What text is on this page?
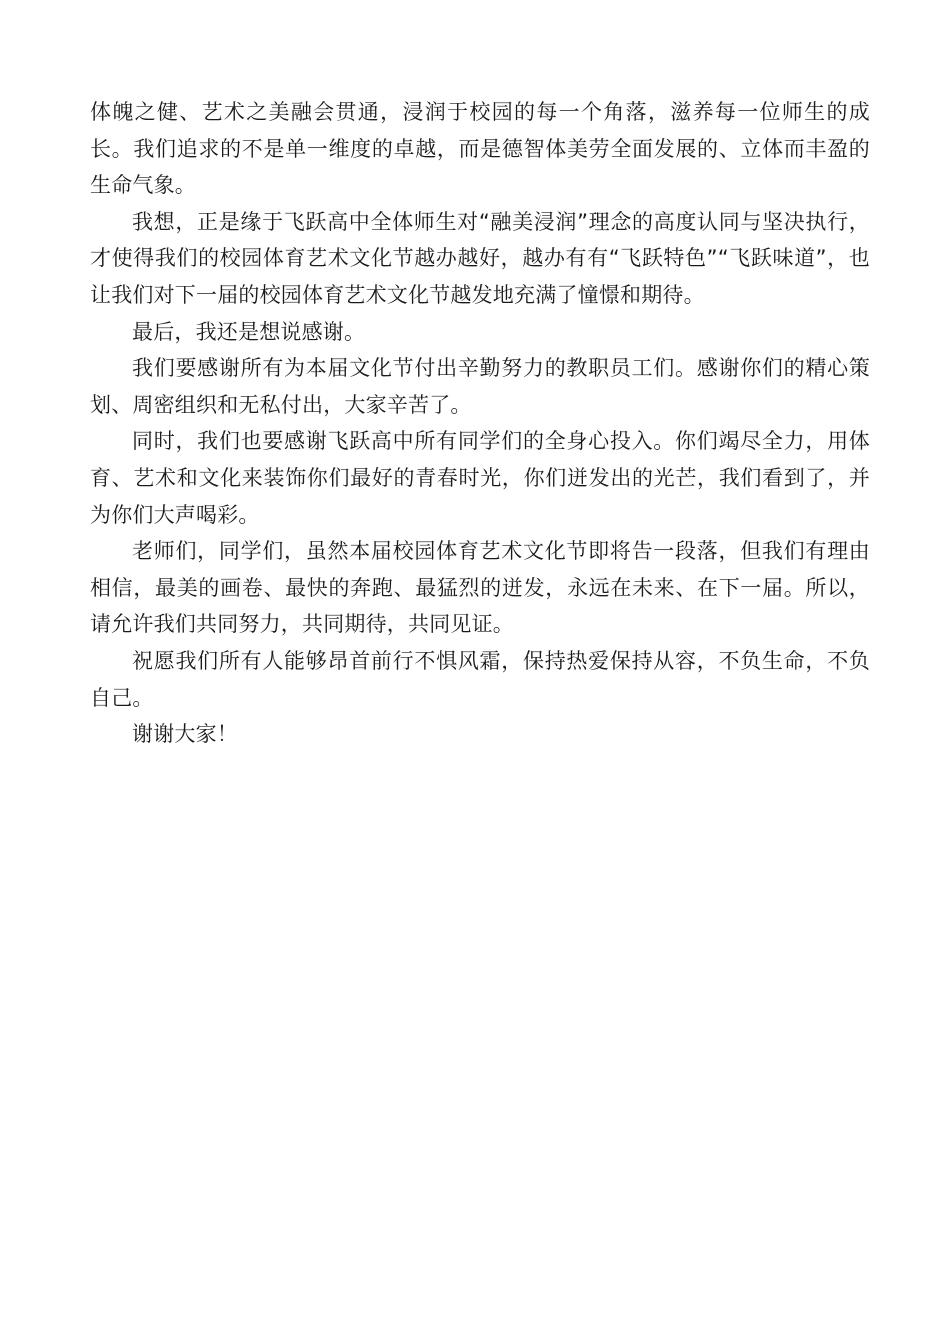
体魄之健、艺术之美融会贯通，浸润于校园的每一个角落，滋养每一位师生的成长。我们追求的不是单一维度的卓越，而是德智体美劳全面发展的、立体而丰盈的生命气象。

我想，正是缘于飞跃高中全体师生对“融美浸润”理念的高度认同与坚决执行，才使得我们的校园体育艺术文化节越办越好，越办有有“飞跃特色”“飞跃味道”，也让我们对下一届的校园体育艺术文化节越发地充满了憧憬和期待。

最后，我还是想说感谢。

我们要感谢所有为本届文化节付出辛勤努力的教职员工们。感谢你们的精心策划、周密组织和无私付出，大家辛苦了。

同时，我们也要感谢飞跃高中所有同学们的全身心投入。你们竭尽全力，用体育、艺术和文化来装饰你们最好的青春时光，你们迸发出的光芒，我们看到了，并为你们大声喝彩。

老师们，同学们，虽然本届校园体育艺术文化节即将告一段落，但我们有理由相信，最美的画卷、最快的奔跑、最猛烈的迸发，永远在未来、在下一届。所以，请允许我们共同努力，共同期待，共同见证。

祝愿我们所有人能够昂首前行不惧风霜，保持热爱保持从容，不负生命，不负自己。

谢谢大家！
